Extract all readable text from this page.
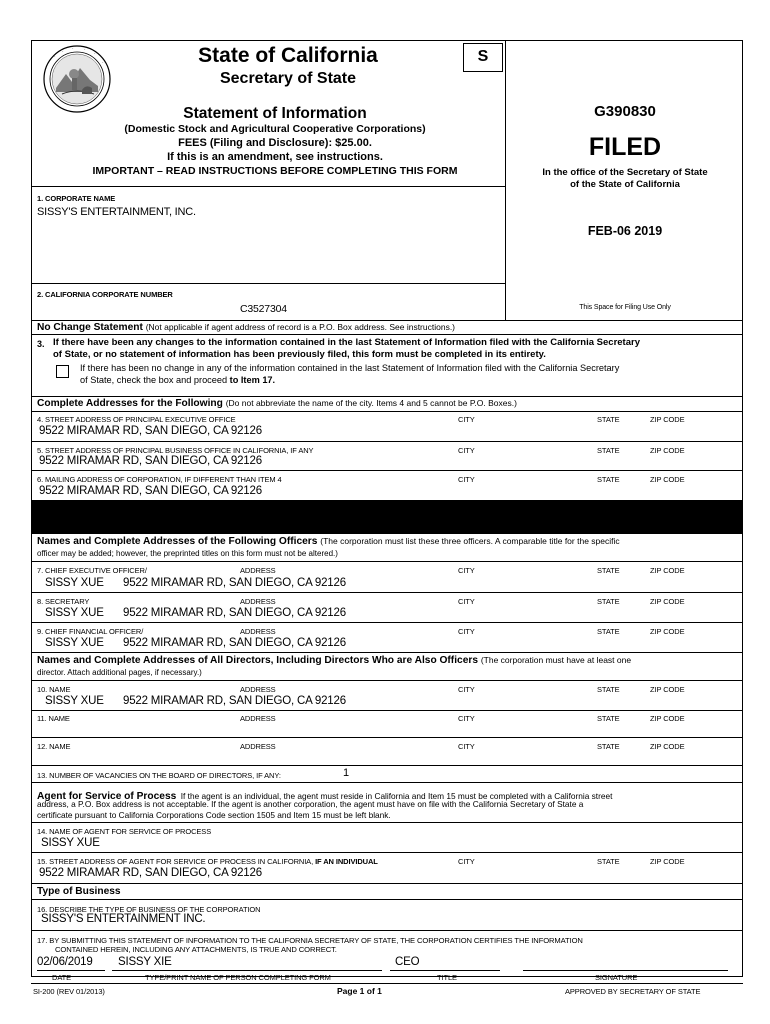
·
· · ·
·
·	State of California
Secretary of State
S
Statement of Information
(Domestic Stock and Agricultural Cooperative Corporations)
FEES (Filing and Disclosure): $25.00.
If this is an amendment, see instructions.
IMPORTANT – READ INSTRUCTIONS BEFORE COMPLETING THIS FORM
G390830
FILED
In the office of the Secretary of State
of the State of California
FEB-06 2019
This Space for Filing Use Only
1. CORPORATE NAME
SISSY'S ENTERTAINMENT, INC.
2. CALIFORNIA CORPORATE NUMBER
C3527304
No Change Statement (Not applicable if agent address of record is a P.O. Box address. See instructions.)
3. If there have been any changes to the information contained in the last Statement of Information filed with the California Secretary
of State, or no statement of information has been previously filed, this form must be completed in its entirety.
If there has been no change in any of the information contained in the last Statement of Information filed with the California Secretary
of State, check the box and proceed to Item 17.
Complete Addresses for the Following (Do not abbreviate the name of the city. Items 4 and 5 cannot be P.O. Boxes.)
4. STREET ADDRESS OF PRINCIPAL EXECUTIVE OFFICE	CITY	STATE	ZIP CODE
9522 MIRAMAR RD, SAN DIEGO, CA 92126
5. STREET ADDRESS OF PRINCIPAL BUSINESS OFFICE IN CALIFORNIA, IF ANY	CITY	STATE	ZIP CODE
9522 MIRAMAR RD, SAN DIEGO, CA 92126
6. MAILING ADDRESS OF CORPORATION, IF DIFFERENT THAN ITEM 4	CITY	STATE	ZIP CODE
9522 MIRAMAR RD, SAN DIEGO, CA 92126
Names and Complete Addresses of the Following Officers (The corporation must list these three officers. A comparable title for the specific
officer may be added; however, the preprinted titles on this form must not be altered.)
7. CHIEF EXECUTIVE OFFICER/	ADDRESS	CITY	STATE	ZIP CODE
SISSY XUE 9522 MIRAMAR RD, SAN DIEGO, CA 92126
8. SECRETARY	ADDRESS	CITY	STATE	ZIP CODE
SISSY XUE 9522 MIRAMAR RD, SAN DIEGO, CA 92126
9. CHIEF FINANCIAL OFFICER/	ADDRESS	CITY	STATE	ZIP CODE
SISSY XUE 9522 MIRAMAR RD, SAN DIEGO, CA 92126
Names and Complete Addresses of All Directors, Including Directors Who are Also Officers (The corporation must have at least one
director. Attach additional pages, if necessary.)
10. NAME	ADDRESS	CITY	STATE	ZIP CODE
SISSY XUE 9522 MIRAMAR RD, SAN DIEGO, CA 92126
11. NAME	ADDRESS	CITY	STATE	ZIP CODE
12. NAME	ADDRESS	CITY	STATE	ZIP CODE
13. NUMBER OF VACANCIES ON THE BOARD OF DIRECTORS, IF ANY:	1
Agent for Service of Process If the agent is an individual, the agent must reside in California and Item 15 must be completed with a California street
address, a P.O. Box address is not acceptable. If the agent is another corporation, the agent must have on file with the California Secretary of State a
certificate pursuant to California Corporations Code section 1505 and Item 15 must be left blank.
14. NAME OF AGENT FOR SERVICE OF PROCESS
SISSY XUE
15. STREET ADDRESS OF AGENT FOR SERVICE OF PROCESS IN CALIFORNIA, IF AN INDIVIDUAL	CITY	STATE	ZIP CODE
9522 MIRAMAR RD, SAN DIEGO, CA 92126
Type of Business
16. DESCRIBE THE TYPE OF BUSINESS OF THE CORPORATION
SISSY'S ENTERTAINMENT INC.
17. BY SUBMITTING THIS STATEMENT OF INFORMATION TO THE CALIFORNIA SECRETARY OF STATE, THE CORPORATION CERTIFIES THE INFORMATION
CONTAINED HEREIN, INCLUDING ANY ATTACHMENTS, IS TRUE AND CORRECT.
02/06/2019 SISSY XIE	CEO
DATE	TYPE/PRINT NAME OF PERSON COMPLETING FORM	TITLE	SIGNATURE
SI-200 (REV 01/2013)	Page 1 of 1	APPROVED BY SECRETARY OF STATE
